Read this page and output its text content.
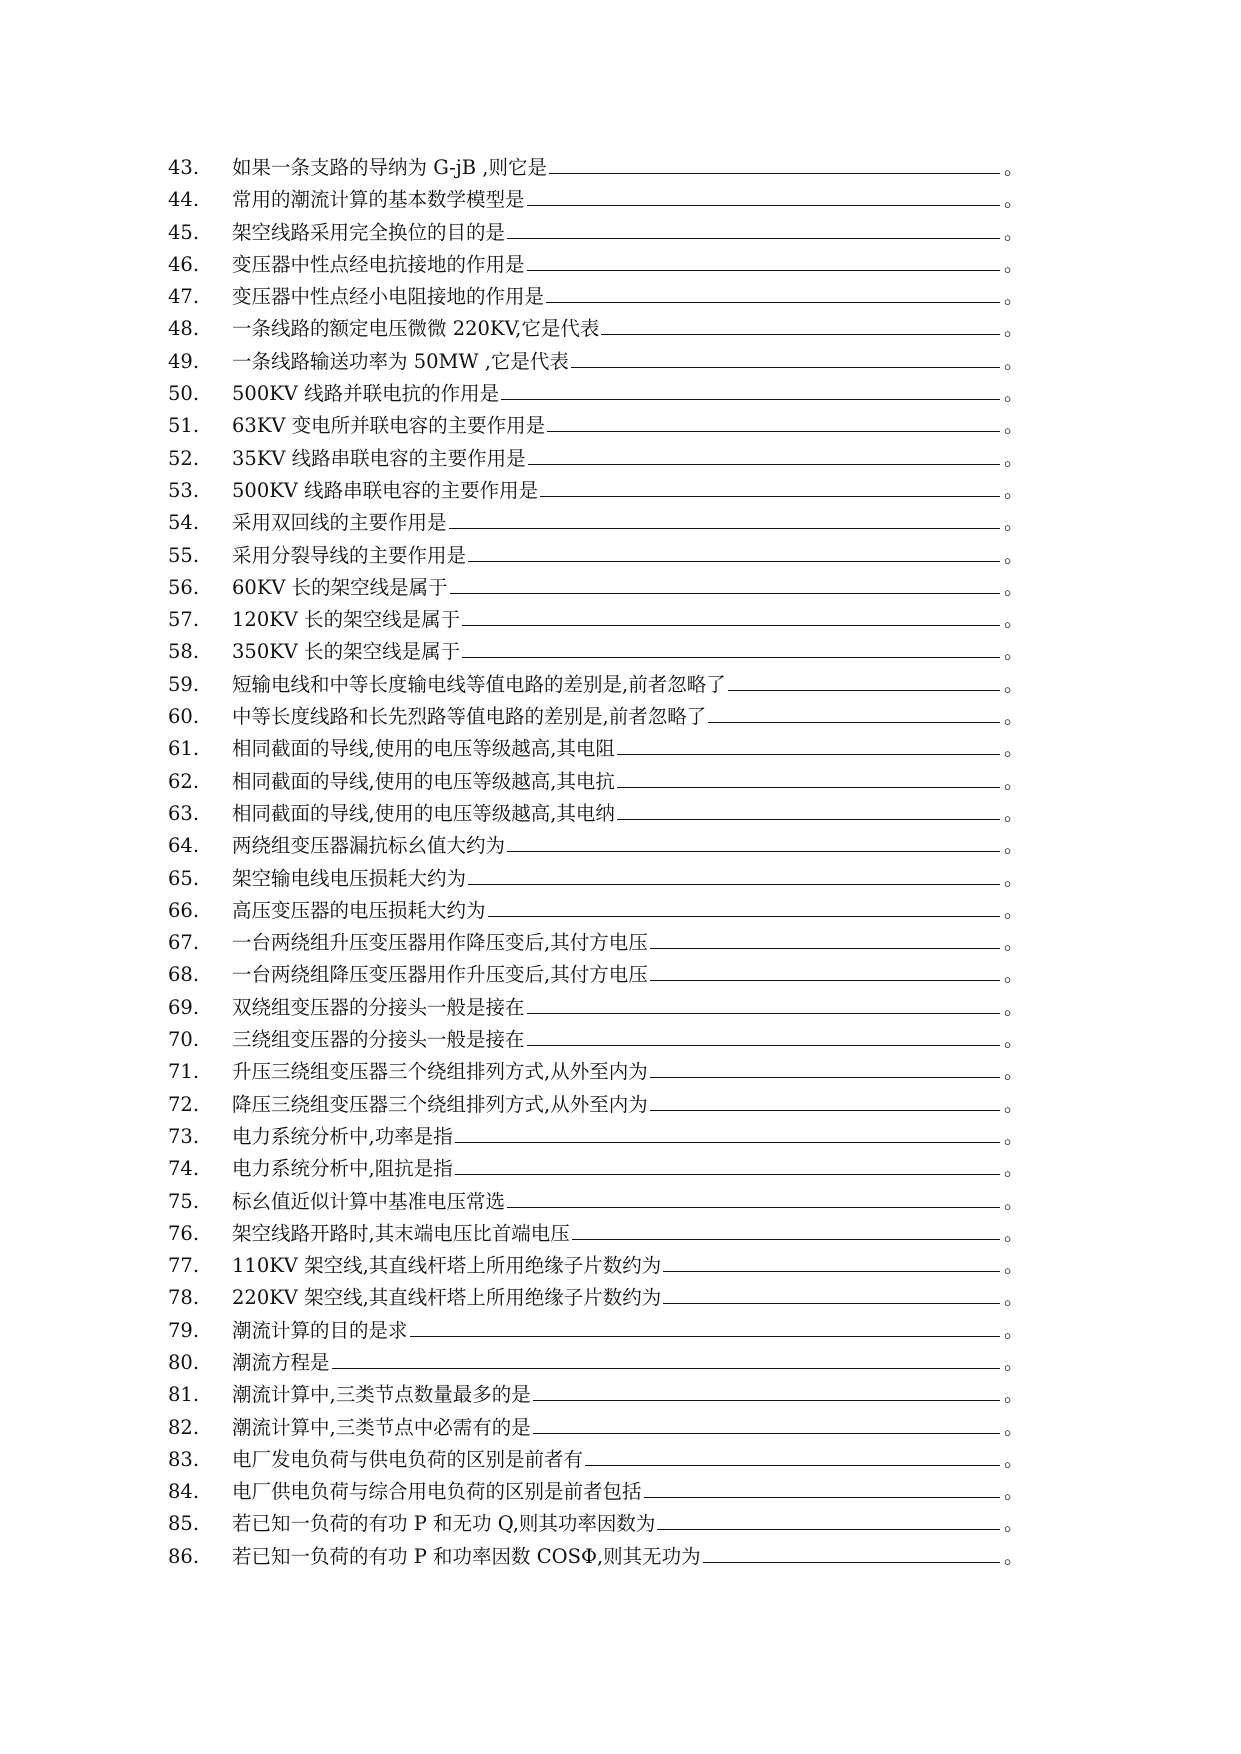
43. 如果一条支路的导纳为 G-jB ,则它是	。
44. 常用的潮流计算的基本数学模型是	。
45. 架空线路采用完全换位的目的是	。
46. 变压器中性点经电抗接地的作用是	。
47. 变压器中性点经小电阻接地的作用是	。
48. 一条线路的额定电压微微 220KV,它是代表	。
49. 一条线路输送功率为 50MW ,它是代表	。
50. 500KV 线路并联电抗的作用是	。
51. 63KV 变电所并联电容的主要作用是	。
52. 35KV 线路串联电容的主要作用是	。
53. 500KV 线路串联电容的主要作用是	。
54. 采用双回线的主要作用是	。
55. 采用分裂导线的主要作用是	。
56. 60KV 长的架空线是属于	。
57. 120KV 长的架空线是属于	。
58. 350KV 长的架空线是属于	。
59. 短输电线和中等长度输电线等值电路的差别是,前者忽略了	。
60. 中等长度线路和长先烈路等值电路的差别是,前者忽略了	。
61. 相同截面的导线,使用的电压等级越高,其电阻	。
62. 相同截面的导线,使用的电压等级越高,其电抗	。
63. 相同截面的导线,使用的电压等级越高,其电纳	。
64. 两绕组变压器漏抗标幺值大约为	。
65. 架空输电线电压损耗大约为	。
66. 高压变压器的电压损耗大约为	。
67. 一台两绕组升压变压器用作降压变后,其付方电压	。
68. 一台两绕组降压变压器用作升压变后,其付方电压	。
69. 双绕组变压器的分接头一般是接在	。
70. 三绕组变压器的分接头一般是接在	。
71. 升压三绕组变压器三个绕组排列方式,从外至内为	。
72. 降压三绕组变压器三个绕组排列方式,从外至内为	。
73. 电力系统分析中,功率是指	。
74. 电力系统分析中,阻抗是指	。
75. 标幺值近似计算中基准电压常选	。
76. 架空线路开路时,其末端电压比首端电压	。
77. 110KV 架空线,其直线杆塔上所用绝缘子片数约为	。
78. 220KV 架空线,其直线杆塔上所用绝缘子片数约为	。
79. 潮流计算的目的是求	。
80. 潮流方程是	。
81. 潮流计算中,三类节点数量最多的是	。
82. 潮流计算中,三类节点中必需有的是	。
83. 电厂发电负荷与供电负荷的区别是前者有	。
84. 电厂供电负荷与综合用电负荷的区别是前者包括	。
85. 若已知一负荷的有功 P 和无功 Q,则其功率因数为	。
86. 若已知一负荷的有功 P 和功率因数 COSΦ,则其无功为	。
